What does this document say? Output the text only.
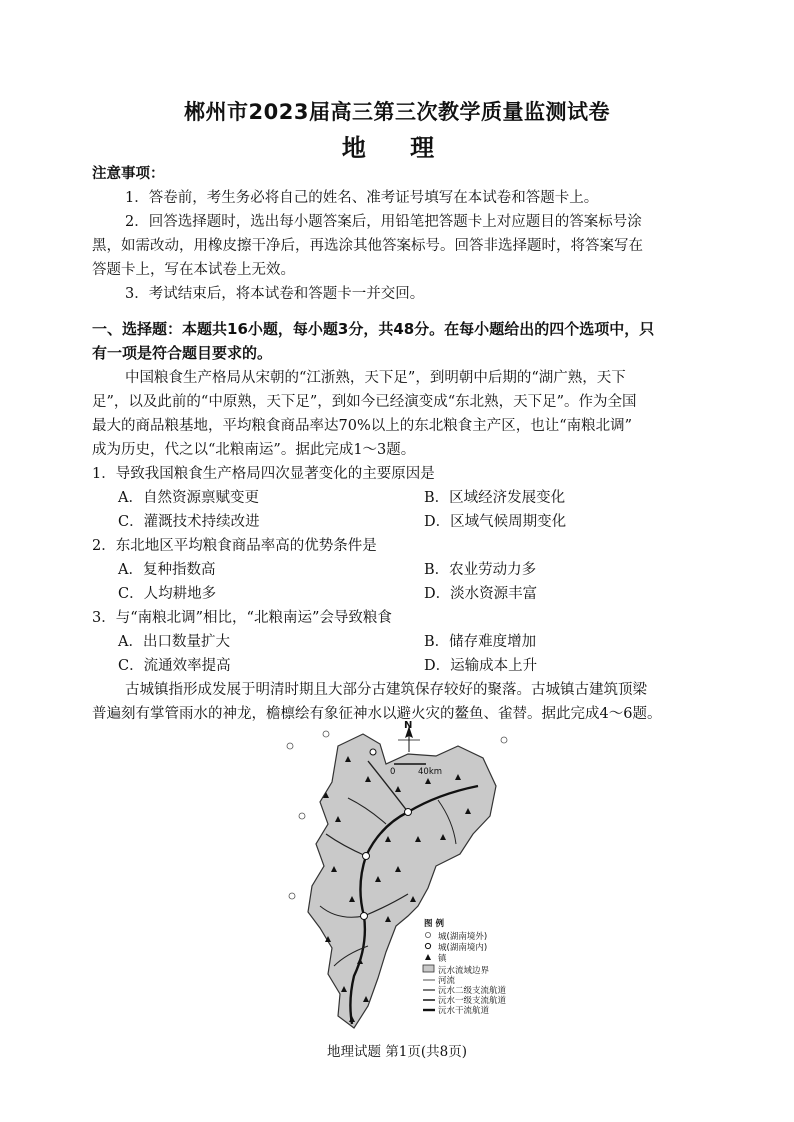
郴州市2023届高三第三次教学质量监测试卷
地 理
注意事项：
1．答卷前，考生务必将自己的姓名、准考证号填写在本试卷和答题卡上。
2．回答选择题时，选出每小题答案后，用铅笔把答题卡上对应题目的答案标号涂
黑，如需改动，用橡皮擦干净后，再选涂其他答案标号。回答非选择题时，将答案写在
答题卡上，写在本试卷上无效。
3．考试结束后，将本试卷和答题卡一并交回。
一、选择题：本题共16小题，每小题3分，共48分。在每小题给出的四个选项中，只
有一项是符合题目要求的。
中国粮食生产格局从宋朝的“江浙熟，天下足”，到明朝中后期的“湖广熟，天下
足”，以及此前的“中原熟，天下足”，到如今已经演变成“东北熟，天下足”。作为全国
最大的商品粮基地，平均粮食商品率达70%以上的东北粮食主产区，也让“南粮北调”
成为历史，代之以“北粮南运”。据此完成1～3题。
1．导致我国粮食生产格局四次显著变化的主要原因是
A．自然资源禀赋变更	B．区域经济发展变化
C．灌溉技术持续改进	D．区域气候周期变化
2．东北地区平均粮食商品率高的优势条件是
A．复种指数高	B．农业劳动力多
C．人均耕地多	D．淡水资源丰富
3．与“南粮北调”相比，“北粮南运”会导致粮食
A．出口数量扩大	B．储存难度增加
C．流通效率提高	D．运输成本上升
古城镇指形成发展于明清时期且大部分古建筑保存较好的聚落。古城镇古建筑顶梁
普遍刻有掌管雨水的神龙，檐檩绘有象征神水以避火灾的鳌鱼、雀替。据此完成4～6题。
N
0	40km
图 例
城(湖南境外)
城(湖南境内)
镇
沅水流域边界
河流
沅水二级支流航道
沅水一级支流航道
沅水干流航道
地理试题 第1页(共8页)
